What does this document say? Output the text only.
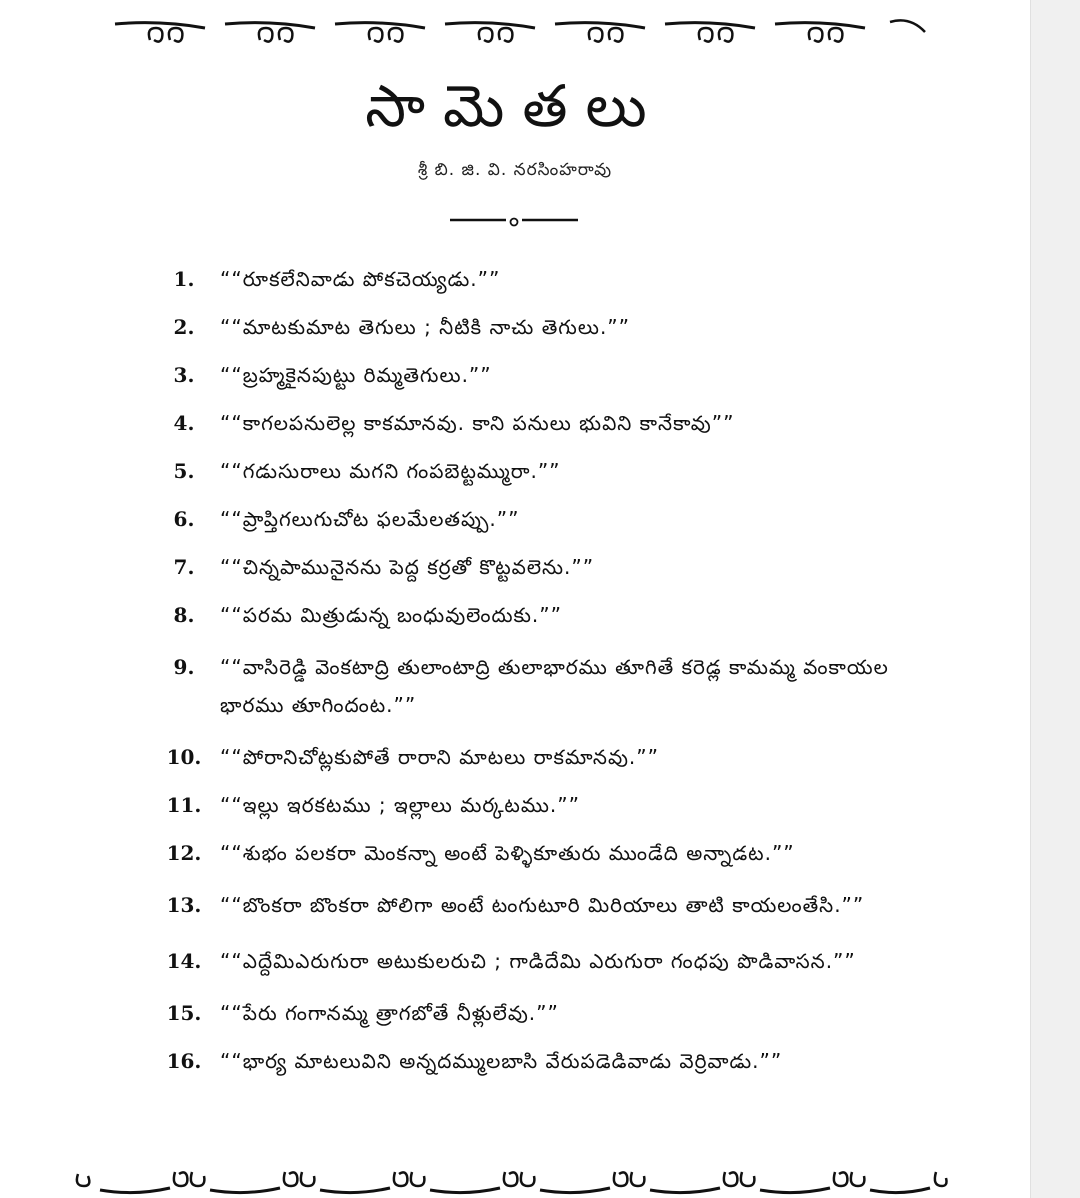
సామెతలు
శ్రీ బి. జి. వి. నరసింహరావు
1.	““రూకలేనివాడు పోకచెయ్యడు.””
2.	““మాటకుమాట తెగులు ; నీటికి నాచు తెగులు.””
3.	““బ్రహ్మకైనపుట్టు రిమ్మతెగులు.””
4.	““కాగలపనులెల్ల కాకమానవు. కాని పనులు భువిని కానేకావు””
5.	““గడుసురాలు మగని గంపబెట్టమ్మురా.””
6.	““ప్రాప్తిగలుగుచోట ఫలమేలతప్పు.””
7.	““చిన్నపామునైనను పెద్ద కర్రతో కొట్టవలెను.””
8.	““పరమ మిత్రుడున్న బంధువులెందుకు.””
9.	““వాసిరెడ్డి వెంకటాద్రి తులాంటాద్రి తులాభారము తూగితే కరెడ్ల కామమ్మ వంకాయల భారము తూగిందంట.””
10. ““పోరానిచోట్లకుపోతే రారాని మాటలు రాకమానవు.””
11. ““ఇల్లు ఇరకటము ; ఇల్లాలు మర్కటము.””
12. ““శుభం పలకరా మెంకన్నా అంటే పెళ్ళికూతురు ముండేది అన్నాడట.””
13. ““బొంకరా బొంకరా పోలిగా అంటే టంగుటూరి మిరియాలు తాటి కాయలంతేసి.””
14. ““ఎద్దేమిఎరుగురా అటుకులరుచి ; గాడిదేమి ఎరుగురా గంధపు పొడివాసన.””
15. ““పేరు గంగానమ్మ త్రాగబోతే నీళ్లులేవు.””
16. ““భార్య మాటలువిని అన్నదమ్ములబాసి వేరుపడెడివాడు వెర్రివాడు.””
